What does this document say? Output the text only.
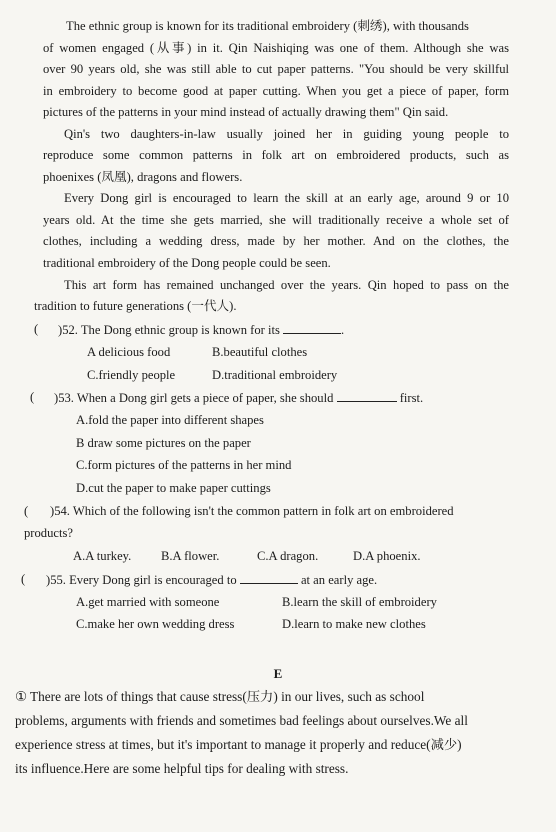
The ethnic group is known for its traditional embroidery (刺绣), with thousands
of women engaged (从事) in it. Qin Naishiqing was one of them. Although she was
over 90 years old, she was still able to cut paper patterns. "You should be very skillful
in embroidery to become good at paper cutting. When you get a piece of paper, form
pictures of the patterns in your mind instead of actually drawing them" Qin said.
Qin's two daughters-in-law usually joined her in guiding young people to
reproduce some common patterns in folk art on embroidered products, such as
phoenixes (凤凰), dragons and flowers.
Every Dong girl is encouraged to learn the skill at an early age, around 9 or 10
years old. At the time she gets married, she will traditionally receive a whole set of
clothes, including a wedding dress, made by her mother. And on the clothes, the
traditional embroidery of the Dong people could be seen.
This art form has remained unchanged over the years. Qin hoped to pass on the
tradition to future generations (一代人).
( )52. The Dong ethnic group is known for its	.
A delicious food	B.beautiful clothes
C.friendly people	D.traditional embroidery
( )53. When a Dong girl gets a piece of paper, she should	first.
A.fold the paper into different shapes
B draw some pictures on the paper
C.form pictures of the patterns in her mind
D.cut the paper to make paper cuttings
( )54. Which of the following isn't the common pattern in folk art on embroidered
products?
A.A turkey. B.A flower.	C.A dragon.	D.A phoenix.
( )55. Every Dong girl is encouraged to	at an early age.
A.get married with someone	B.learn the skill of embroidery
C.make her own wedding dress	D.learn to make new clothes
E
① There are lots of things that cause stress(压力) in our lives, such as school
problems, arguments with friends and sometimes bad feelings about ourselves.We all
experience stress at times, but it's important to manage it properly and reduce(减少)
its influence.Here are some helpful tips for dealing with stress.
